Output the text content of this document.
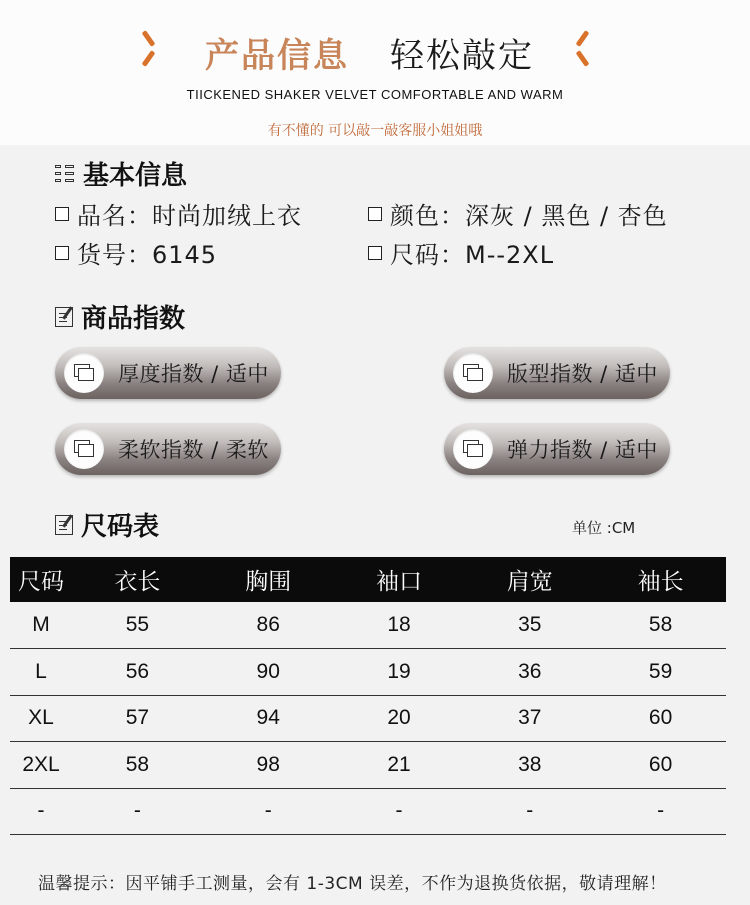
产品信息 轻松敲定
TIICKENED SHAKER VELVET COMFORTABLE AND WARM
有不懂的 可以敲一敲客服小姐姐哦
基本信息
品名：时尚加绒上衣	颜色：深灰 / 黑色 / 杏色
货号：6145	尺码：M--2XL
商品指数
厚度指数 / 适中	版型指数 / 适中
柔软指数 / 柔软	弹力指数 / 适中
尺码表	单位 :CM
尺码	衣长	胸围	袖口	肩宽	袖长
M	55	86	18	35	58
L	56	90	19	36	59
XL	57	94	20	37	60
2XL	58	98	21	38	60
-	-	-	-	-	-
温馨提示：因平铺手工测量，会有 1-3CM 误差，不作为退换货依据，敬请理解！
